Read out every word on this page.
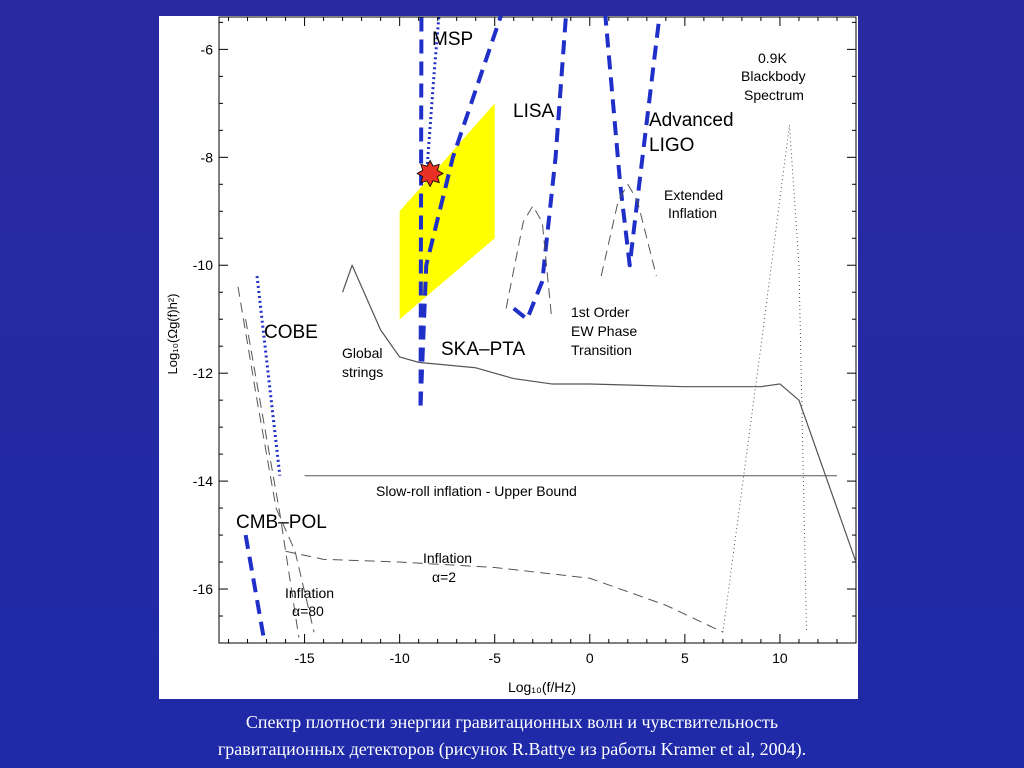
-15	-10	-5	0	5	10
-6
-8
-10
-12
-14
-16
MSP
LISA	Advanced
LIGO
0.9K
Blackbody
Spectrum
Extended
Inflation
1st Order
EW Phase
Transition
COBE
SKA–PTA
Global
strings
Slow-roll inflation - Upper Bound
CMB–POL
Inflation
α=2
Inflation
α=80
Log₁₀(f/Hz)
Log₁₀(Ωg(f)h²)
Спектр плотности энергии гравитационных волн и чувствительность
гравитационных детекторов (рисунок R.Battye из работы Kramer et al, 2004).
